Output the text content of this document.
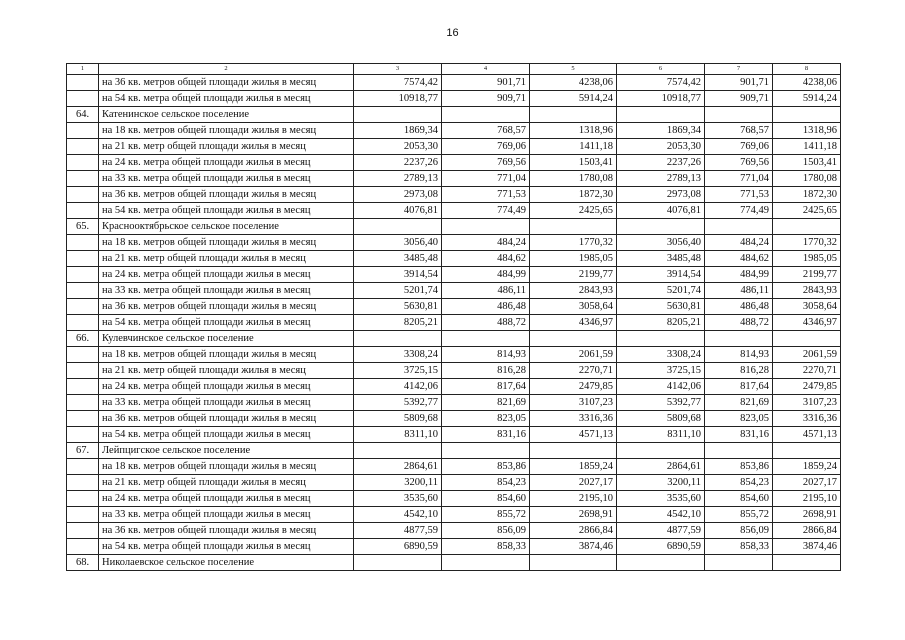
16
1	2	3	4	5	6	7	8
	на 36 кв. метров общей площади жилья в месяц	7574,42	901,71	4238,06	7574,42	901,71	4238,06
	на 54 кв. метра общей площади жилья в месяц	10918,77	909,71	5914,24	10918,77	909,71	5914,24
64.	Катенинское сельское поселение						
	на 18 кв. метров общей площади жилья в месяц	1869,34	768,57	1318,96	1869,34	768,57	1318,96
	на 21 кв. метр общей площади жилья в месяц	2053,30	769,06	1411,18	2053,30	769,06	1411,18
	на 24 кв. метра общей площади жилья в месяц	2237,26	769,56	1503,41	2237,26	769,56	1503,41
	на 33 кв. метра общей площади жилья в месяц	2789,13	771,04	1780,08	2789,13	771,04	1780,08
	на 36 кв. метров общей площади жилья в месяц	2973,08	771,53	1872,30	2973,08	771,53	1872,30
	на 54 кв. метра общей площади жилья в месяц	4076,81	774,49	2425,65	4076,81	774,49	2425,65
65.	Краснооктябрьское сельское поселение						
	на 18 кв. метров общей площади жилья в месяц	3056,40	484,24	1770,32	3056,40	484,24	1770,32
	на 21 кв. метр общей площади жилья в месяц	3485,48	484,62	1985,05	3485,48	484,62	1985,05
	на 24 кв. метра общей площади жилья в месяц	3914,54	484,99	2199,77	3914,54	484,99	2199,77
	на 33 кв. метра общей площади жилья в месяц	5201,74	486,11	2843,93	5201,74	486,11	2843,93
	на 36 кв. метров общей площади жилья в месяц	5630,81	486,48	3058,64	5630,81	486,48	3058,64
	на 54 кв. метра общей площади жилья в месяц	8205,21	488,72	4346,97	8205,21	488,72	4346,97
66.	Кулевчинское сельское поселение						
	на 18 кв. метров общей площади жилья в месяц	3308,24	814,93	2061,59	3308,24	814,93	2061,59
	на 21 кв. метр общей площади жилья в месяц	3725,15	816,28	2270,71	3725,15	816,28	2270,71
	на 24 кв. метра общей площади жилья в месяц	4142,06	817,64	2479,85	4142,06	817,64	2479,85
	на 33 кв. метра общей площади жилья в месяц	5392,77	821,69	3107,23	5392,77	821,69	3107,23
	на 36 кв. метров общей площади жилья в месяц	5809,68	823,05	3316,36	5809,68	823,05	3316,36
	на 54 кв. метра общей площади жилья в месяц	8311,10	831,16	4571,13	8311,10	831,16	4571,13
67.	Лейпцигское сельское поселение						
	на 18 кв. метров общей площади жилья в месяц	2864,61	853,86	1859,24	2864,61	853,86	1859,24
	на 21 кв. метр общей площади жилья в месяц	3200,11	854,23	2027,17	3200,11	854,23	2027,17
	на 24 кв. метра общей площади жилья в месяц	3535,60	854,60	2195,10	3535,60	854,60	2195,10
	на 33 кв. метра общей площади жилья в месяц	4542,10	855,72	2698,91	4542,10	855,72	2698,91
	на 36 кв. метров общей площади жилья в месяц	4877,59	856,09	2866,84	4877,59	856,09	2866,84
	на 54 кв. метра общей площади жилья в месяц	6890,59	858,33	3874,46	6890,59	858,33	3874,46
68.	Николаевское сельское поселение						
